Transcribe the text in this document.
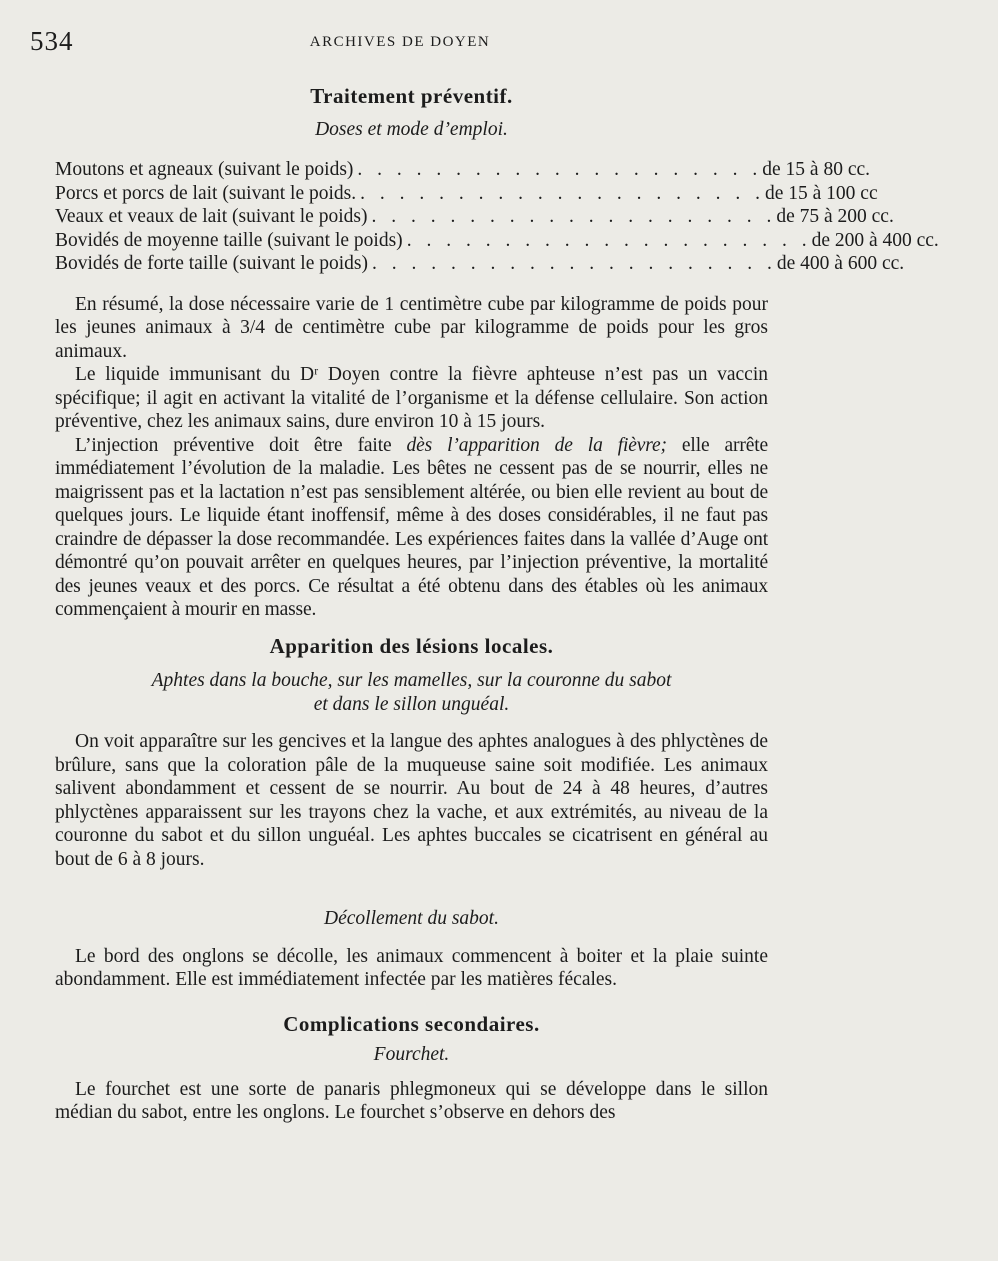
534	ARCHIVES DE DOYEN
Traitement préventif.
Doses et mode d’emploi.
Moutons et agneaux (suivant le poids) . . . . . . . . . . . . . . . . . . . . . de 15 à 80 cc.
Porcs et porcs de lait (suivant le poids. . . . . . . . . . . . . . . . . . . . . . de 15 à 100 cc
Veaux et veaux de lait (suivant le poids) . . . . . . . . . . . . . . . . . . . . . de 75 à 200 cc.
Bovidés de moyenne taille (suivant le poids) . . . . . . . . . . . . . . . . . . . . . de 200 à 400 cc.
Bovidés de forte taille (suivant le poids) . . . . . . . . . . . . . . . . . . . . . de 400 à 600 cc.

En résumé, la dose nécessaire varie de 1 centimètre cube par kilogramme de poids pour les jeunes animaux à 3/4 de centimètre cube par kilogramme de poids pour les gros animaux.

Le liquide immunisant du Dʳ Doyen contre la fièvre aphteuse n’est pas un vaccin spécifique; il agit en activant la vitalité de l’organisme et la défense cellulaire. Son action préventive, chez les animaux sains, dure environ 10 à 15 jours.

L’injection préventive doit être faite dès l’apparition de la fièvre; elle arrête immédiatement l’évolution de la maladie. Les bêtes ne cessent pas de se nourrir, elles ne maigrissent pas et la lactation n’est pas sensiblement altérée, ou bien elle revient au bout de quelques jours. Le liquide étant inoffensif, même à des doses considérables, il ne faut pas craindre de dépasser la dose recommandée. Les expériences faites dans la vallée d’Auge ont démontré qu’on pouvait arrêter en quelques heures, par l’injection préventive, la mortalité des jeunes veaux et des porcs. Ce résultat a été obtenu dans des étables où les animaux commençaient à mourir en masse.

Apparition des lésions locales.
Aphtes dans la bouche, sur les mamelles, sur la couronne du sabot
et dans le sillon unguéal.

On voit apparaître sur les gencives et la langue des aphtes analogues à des phlyctènes de brûlure, sans que la coloration pâle de la muqueuse saine soit modifiée. Les animaux salivent abondamment et cessent de se nourrir. Au bout de 24 à 48 heures, d’autres phlyctènes apparaissent sur les trayons chez la vache, et aux extrémités, au niveau de la couronne du sabot et du sillon unguéal. Les aphtes buccales se cicatrisent en général au bout de 6 à 8 jours.

Décollement du sabot.

Le bord des onglons se décolle, les animaux commencent à boiter et la plaie suinte abondamment. Elle est immédiatement infectée par les matières fécales.

Complications secondaires.
Fourchet.

Le fourchet est une sorte de panaris phlegmoneux qui se développe dans le sillon médian du sabot, entre les onglons. Le fourchet s’observe en dehors des
